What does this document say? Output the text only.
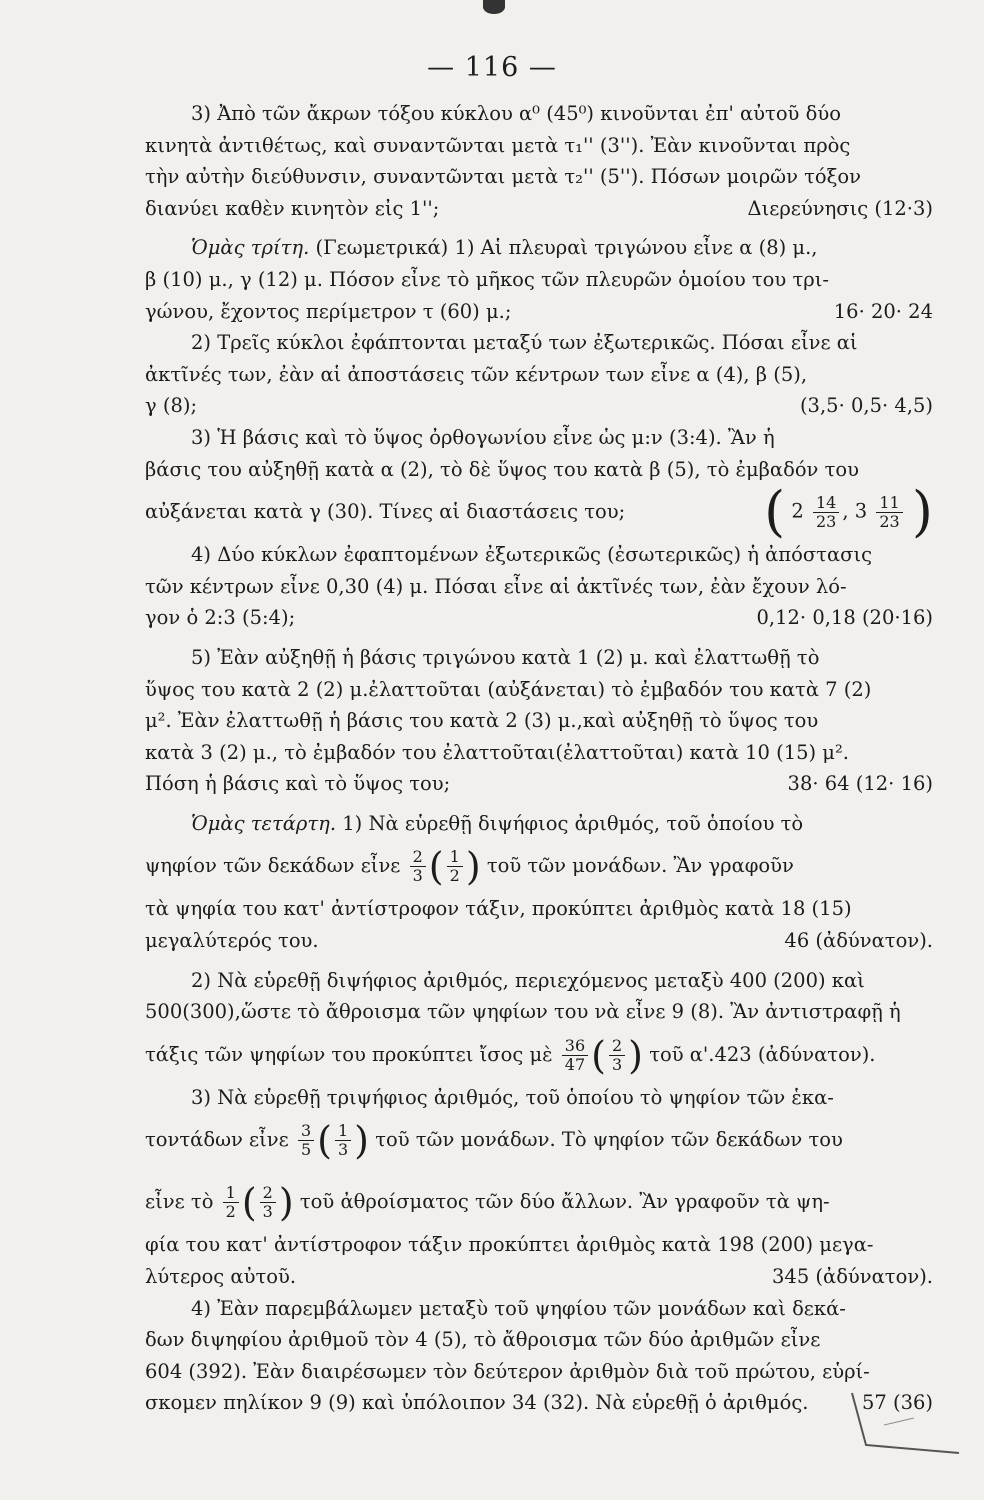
— 116 —

3) Ἀπὸ τῶν ἄκρων τόξου κύκλου α⁰ (45⁰) κινοῦνται ἐπ' αὐτοῦ δύο

κινητὰ ἀντιθέτως, καὶ συναντῶνται μετὰ τ₁'' (3''). Ἐὰν κινοῦνται πρὸς

τὴν αὐτὴν διεύθυνσιν, συναντῶνται μετὰ τ₂'' (5''). Πόσων μοιρῶν τόξον

διανύει καθὲν κινητὸν εἰς 1'';	Διερεύνησις (12·3)

Ὁμὰς τρίτη. (Γεωμετρικά) 1) Αἱ πλευραὶ τριγώνου εἶνε α (8) μ.,

β (10) μ., γ (12) μ. Πόσον εἶνε τὸ μῆκος τῶν πλευρῶν ὁμοίου του τρι-

γώνου, ἔχοντος περίμετρον τ (60) μ.;	16· 20· 24

2) Τρεῖς κύκλοι ἐφάπτονται μεταξύ των ἐξωτερικῶς. Πόσαι εἶνε αἱ

ἀκτῖνές των, ἐὰν αἱ ἀποστάσεις τῶν κέντρων των εἶνε α (4), β (5),

γ (8);	(3,5· 0,5· 4,5)

3) Ἡ βάσις καὶ τὸ ὕψος ὀρθογωνίου εἶνε ὡς μ:ν (3:4). Ἂν ἡ

βάσις του αὐξηθῇ κατὰ α (2), τὸ δὲ ὕψος του κατὰ β (5), τὸ ἐμβαδόν του

αὐξάνεται κατὰ γ (30). Τίνες αἱ διαστάσεις του;	( $2 \frac{14}{23}$ , $3 \frac{11}{23}$ )

4) Δύο κύκλων ἐφαπτομένων ἐξωτερικῶς (ἐσωτερικῶς) ἡ ἀπόστασις

τῶν κέντρων εἶνε 0,30 (4) μ. Πόσαι εἶνε αἱ ἀκτῖνές των, ἐὰν ἔχουν λό-

γον ὁ 2:3 (5:4);	0,12· 0,18 (20·16)

5) Ἐὰν αὐξηθῇ ἡ βάσις τριγώνου κατὰ 1 (2) μ. καὶ ἐλαττωθῇ τὸ

ὕψος του κατὰ 2 (2) μ.ἐλαττοῦται (αὐξάνεται) τὸ ἐμβαδόν του κατὰ 7 (2)

μ². Ἐὰν ἐλαττωθῇ ἡ βάσις του κατὰ 2 (3) μ.,καὶ αὐξηθῇ τὸ ὕψος του

κατὰ 3 (2) μ., τὸ ἐμβαδόν του ἐλαττοῦται(ἐλαττοῦται) κατὰ 10 (15) μ².

Πόση ἡ βάσις καὶ τὸ ὕψος του;	38· 64 (12· 16)

Ὁμὰς τετάρτη. 1) Νὰ εὑρεθῇ διψήφιος ἀριθμός, τοῦ ὁποίου τὸ

ψηφίον τῶν δεκάδων εἶνε $\frac{2}{3}$ ( $\frac{1}{2}$ ) τοῦ τῶν μονάδων. Ἂν γραφοῦν

τὰ ψηφία του κατ' ἀντίστροφον τάξιν, προκύπτει ἀριθμὸς κατὰ 18 (15)

μεγαλύτερός του.	46 (ἀδύνατον).

2) Νὰ εὑρεθῇ διψήφιος ἀριθμός, περιεχόμενος μεταξὺ 400 (200) καὶ

500(300),ὥστε τὸ ἄθροισμα τῶν ψηφίων του νὰ εἶνε 9 (8). Ἂν ἀντιστραφῇ ἡ

τάξις τῶν ψηφίων του προκύπτει ἴσος μὲ $\frac{36}{47}$ ( $\frac{2}{3}$ ) τοῦ α'.423 (ἀδύνατον).

3) Νὰ εὑρεθῇ τριψήφιος ἀριθμός, τοῦ ὁποίου τὸ ψηφίον τῶν ἑκα-

τοντάδων εἶνε $\frac{3}{5}$ ( $\frac{1}{3}$ ) τοῦ τῶν μονάδων. Τὸ ψηφίον τῶν δεκάδων του

εἶνε τὸ $\frac{1}{2}$ ( $\frac{2}{3}$ ) τοῦ ἀθροίσματος τῶν δύο ἄλλων. Ἂν γραφοῦν τὰ ψη-

φία του κατ' ἀντίστροφον τάξιν προκύπτει ἀριθμὸς κατὰ 198 (200) μεγα-

λύτερος αὐτοῦ.	345 (ἀδύνατον).

4) Ἐὰν παρεμβάλωμεν μεταξὺ τοῦ ψηφίου τῶν μονάδων καὶ δεκά-

δων διψηφίου ἀριθμοῦ τὸν 4 (5), τὸ ἄθροισμα τῶν δύο ἀριθμῶν εἶνε

604 (392). Ἐὰν διαιρέσωμεν τὸν δεύτερον ἀριθμὸν διὰ τοῦ πρώτου, εὑρί-

σκομεν πηλίκον 9 (9) καὶ ὑπόλοιπον 34 (32). Νὰ εὑρεθῇ ὁ ἀριθμός.	57 (36)
